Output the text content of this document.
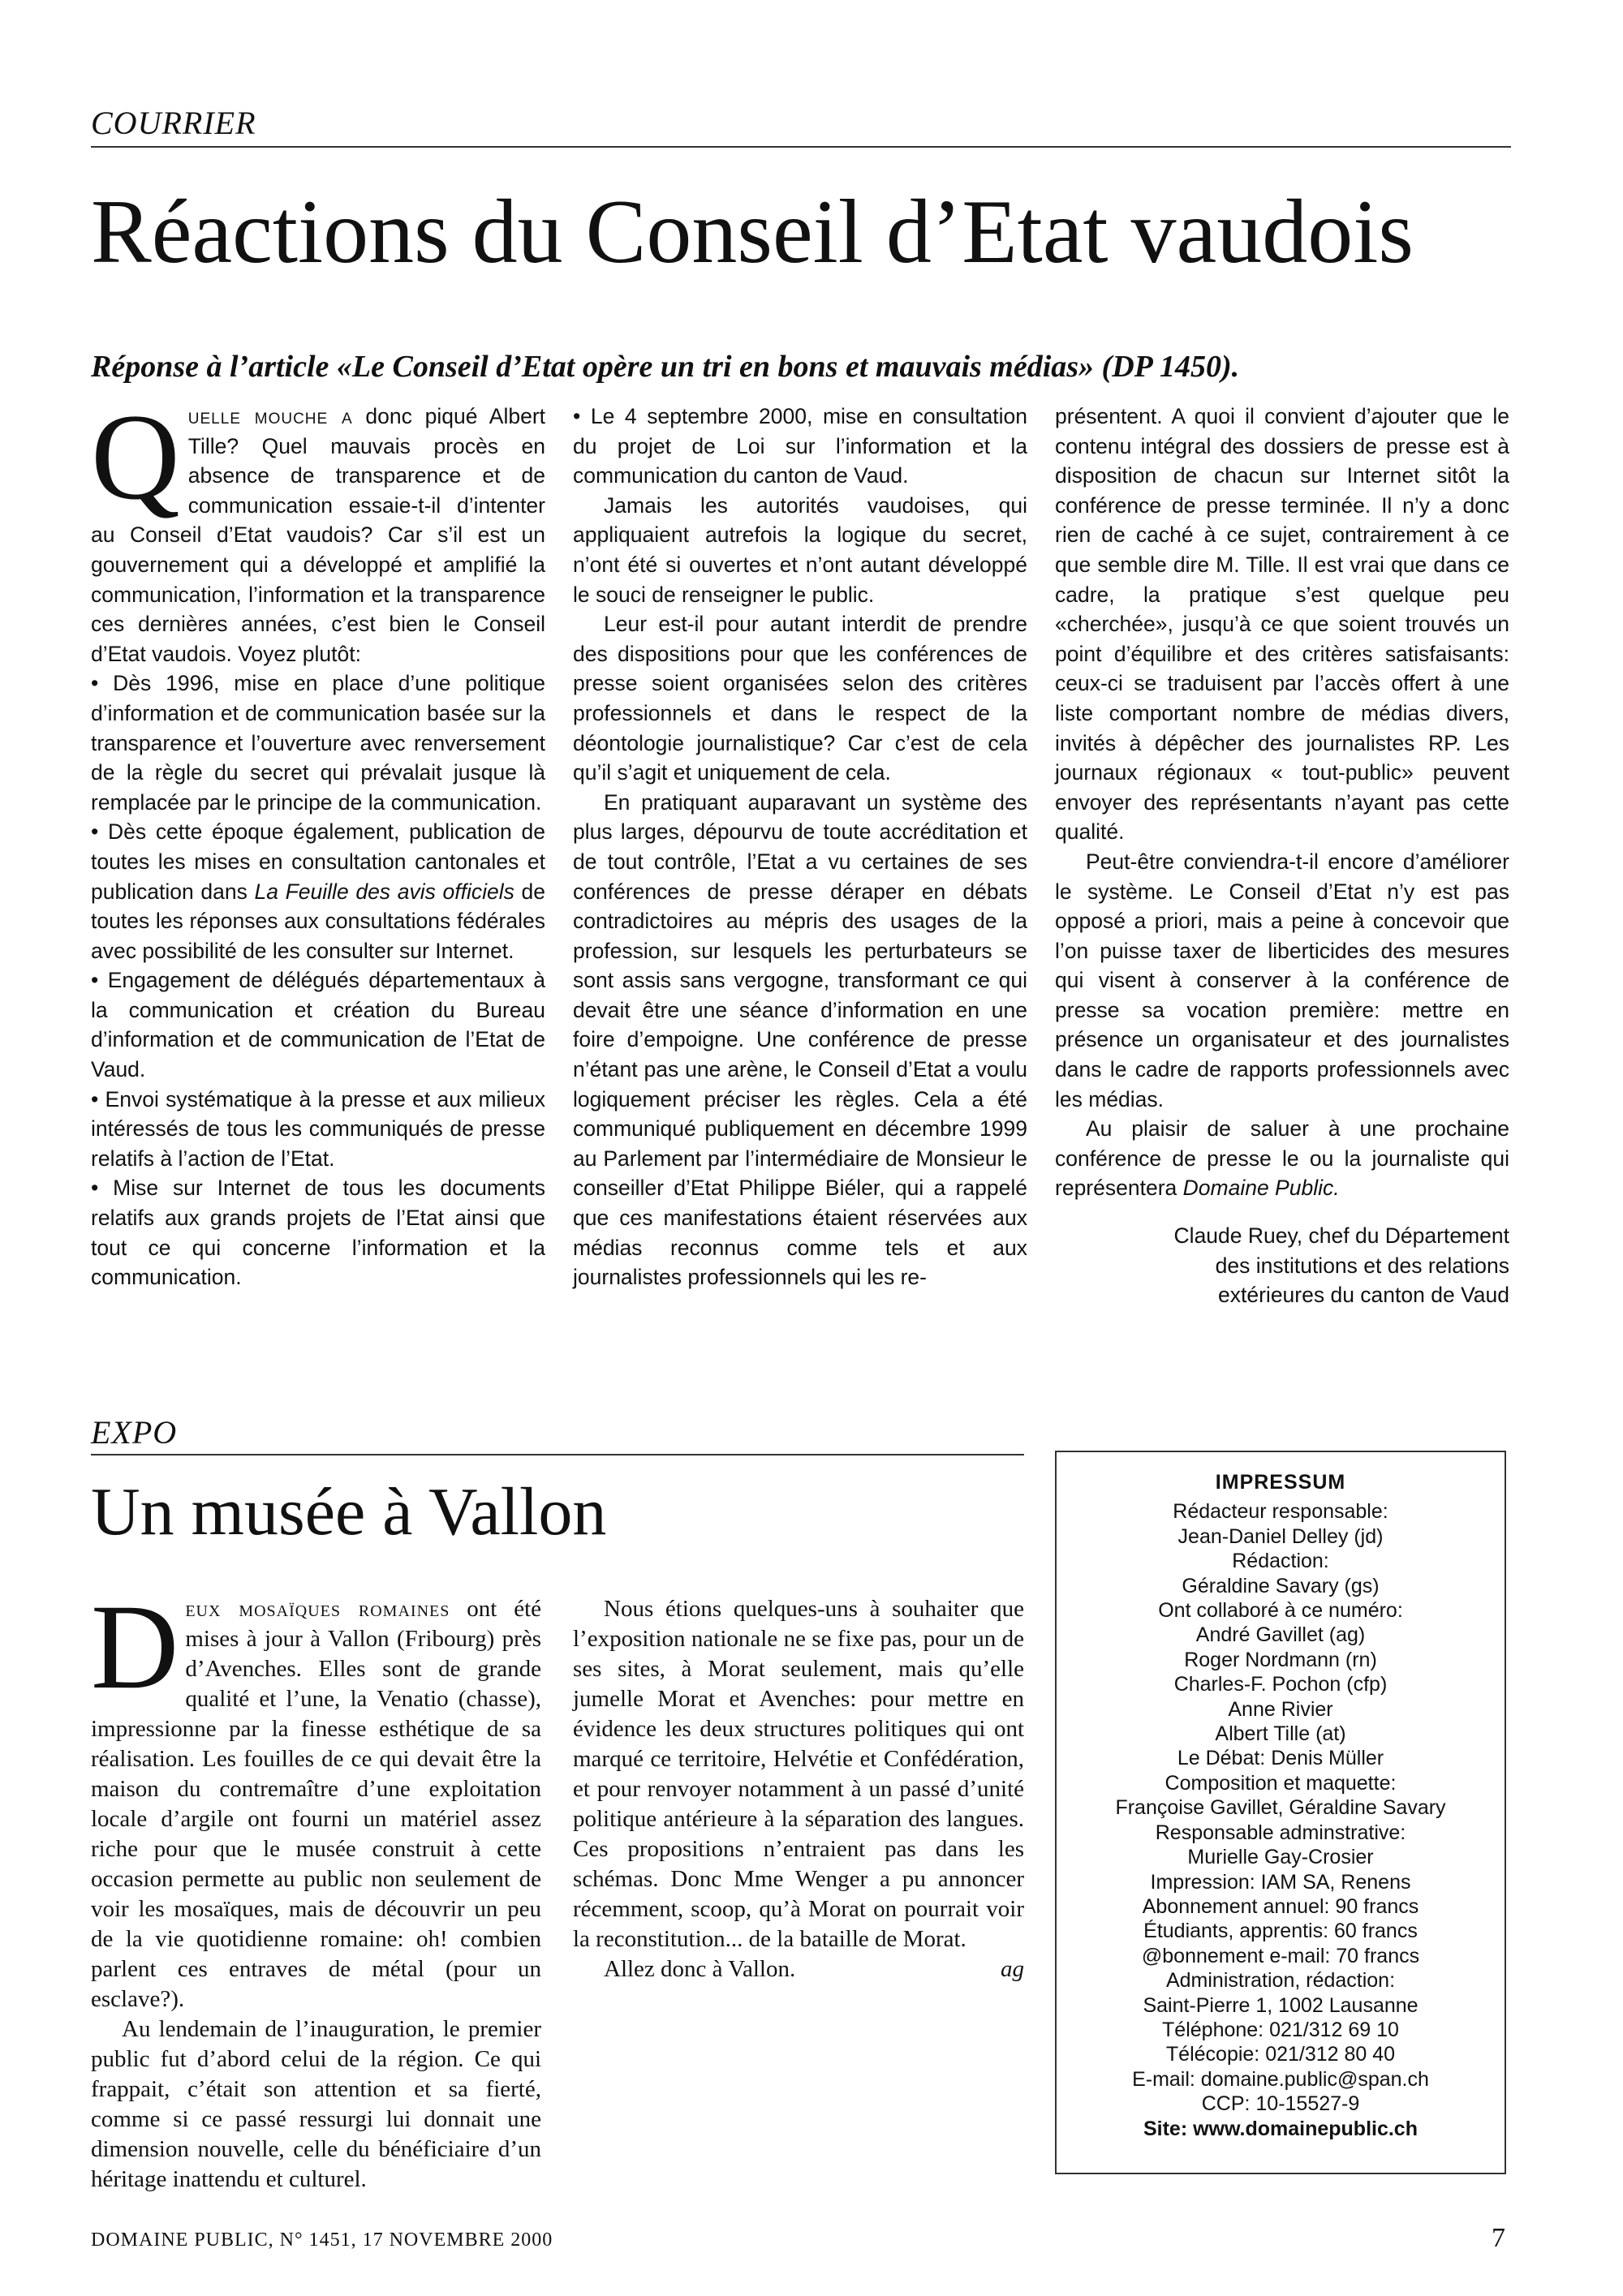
COURRIER
Réactions du Conseil d’Etat vaudois
Réponse à l’article «Le Conseil d’Etat opère un tri en bons et mauvais médias» (DP 1450).

Quelle mouche a donc piqué Albert Tille? Quel mauvais procès en absence de transparence et de communication essaie-t-il d’intenter au Conseil d’Etat vaudois? Car s’il est un gouvernement qui a développé et amplifié la communication, l’information et la transparence ces dernières années, c’est bien le Conseil d’Etat vaudois. Voyez plutôt:

• Dès 1996, mise en place d’une politique d’information et de communication basée sur la transparence et l’ouverture avec renversement de la règle du secret qui prévalait jusque là remplacée par le principe de la communication.

• Dès cette époque également, publication de toutes les mises en consultation cantonales et publication dans La Feuille des avis officiels de toutes les réponses aux consultations fédérales avec possibilité de les consulter sur Internet.

• Engagement de délégués départementaux à la communication et création du Bureau d’information et de communication de l’Etat de Vaud.

• Envoi systématique à la presse et aux milieux intéressés de tous les communiqués de presse relatifs à l’action de l’Etat.

• Mise sur Internet de tous les documents relatifs aux grands projets de l’Etat ainsi que tout ce qui concerne l’information et la communication.

• Le 4 septembre 2000, mise en consultation du projet de Loi sur l’information et la communication du canton de Vaud.

Jamais les autorités vaudoises, qui appliquaient autrefois la logique du secret, n’ont été si ouvertes et n’ont autant développé le souci de renseigner le public.

Leur est-il pour autant interdit de prendre des dispositions pour que les conférences de presse soient organisées selon des critères professionnels et dans le respect de la déontologie journalistique? Car c’est de cela qu’il s’agit et uniquement de cela.

En pratiquant auparavant un système des plus larges, dépourvu de toute accréditation et de tout contrôle, l’Etat a vu certaines de ses conférences de presse déraper en débats contradictoires au mépris des usages de la profession, sur lesquels les perturbateurs se sont assis sans vergogne, transformant ce qui devait être une séance d’information en une foire d’empoigne. Une conférence de presse n’étant pas une arène, le Conseil d’Etat a voulu logiquement préciser les règles. Cela a été communiqué publiquement en décembre 1999 au Parlement par l’intermédiaire de Monsieur le conseiller d’Etat Philippe Biéler, qui a rappelé que ces manifestations étaient réservées aux médias reconnus comme tels et aux journalistes professionnels qui les re-

présentent. A quoi il convient d’ajouter que le contenu intégral des dossiers de presse est à disposition de chacun sur Internet sitôt la conférence de presse terminée. Il n’y a donc rien de caché à ce sujet, contrairement à ce que semble dire M. Tille. Il est vrai que dans ce cadre, la pratique s’est quelque peu «cherchée», jusqu’à ce que soient trouvés un point d’équilibre et des critères satisfaisants: ceux-ci se traduisent par l’accès offert à une liste comportant nombre de médias divers, invités à dépêcher des journalistes RP. Les journaux régionaux « tout-public» peuvent envoyer des représentants n’ayant pas cette qualité.

Peut-être conviendra-t-il encore d’améliorer le système. Le Conseil d’Etat n’y est pas opposé a priori, mais a peine à concevoir que l’on puisse taxer de liberticides des mesures qui visent à conserver à la conférence de presse sa vocation première: mettre en présence un organisateur et des journalistes dans le cadre de rapports professionnels avec les médias.

Au plaisir de saluer à une prochaine conférence de presse le ou la journaliste qui représentera Domaine Public.

Claude Ruey, chef du Département
des institutions et des relations
extérieures du canton de Vaud
EXPO
Un musée à Vallon

Deux mosaïques romaines ont été mises à jour à Vallon (Fribourg) près d’Avenches. Elles sont de grande qualité et l’une, la Venatio (chasse), impressionne par la finesse esthétique de sa réalisation. Les fouilles de ce qui devait être la maison du contremaître d’une exploitation locale d’argile ont fourni un matériel assez riche pour que le musée construit à cette occasion permette au public non seulement de voir les mosaïques, mais de découvrir un peu de la vie quotidienne romaine: oh! combien parlent ces entraves de métal (pour un esclave?).

Au lendemain de l’inauguration, le premier public fut d’abord celui de la région. Ce qui frappait, c’était son attention et sa fierté, comme si ce passé ressurgi lui donnait une dimension nouvelle, celle du bénéficiaire d’un héritage inattendu et culturel.

Nous étions quelques-uns à souhaiter que l’exposition nationale ne se fixe pas, pour un de ses sites, à Morat seulement, mais qu’elle jumelle Morat et Avenches: pour mettre en évidence les deux structures politiques qui ont marqué ce territoire, Helvétie et Confédération, et pour renvoyer notamment à un passé d’unité politique antérieure à la séparation des langues. Ces propositions n’entraient pas dans les schémas. Donc Mme Wenger a pu annoncer récemment, scoop, qu’à Morat on pourrait voir la reconstitution... de la bataille de Morat.

Allez donc à Vallon.	ag

IMPRESSUM
Rédacteur responsable:
Jean-Daniel Delley (jd)
Rédaction:
Géraldine Savary (gs)
Ont collaboré à ce numéro:
André Gavillet (ag)
Roger Nordmann (rn)
Charles-F. Pochon (cfp)
Anne Rivier
Albert Tille (at)
Le Débat: Denis Müller
Composition et maquette:
Françoise Gavillet, Géraldine Savary
Responsable adminstrative:
Murielle Gay-Crosier
Impression: IAM SA, Renens
Abonnement annuel: 90 francs
Étudiants, apprentis: 60 francs
@bonnement e-mail: 70 francs
Administration, rédaction:
Saint-Pierre 1, 1002 Lausanne
Téléphone: 021/312 69 10
Télécopie: 021/312 80 40
E-mail: domaine.public@span.ch
CCP: 10-15527-9
Site: www.domainepublic.ch
DOMAINE PUBLIC, N° 1451, 17 NOVEMBRE 2000	7
